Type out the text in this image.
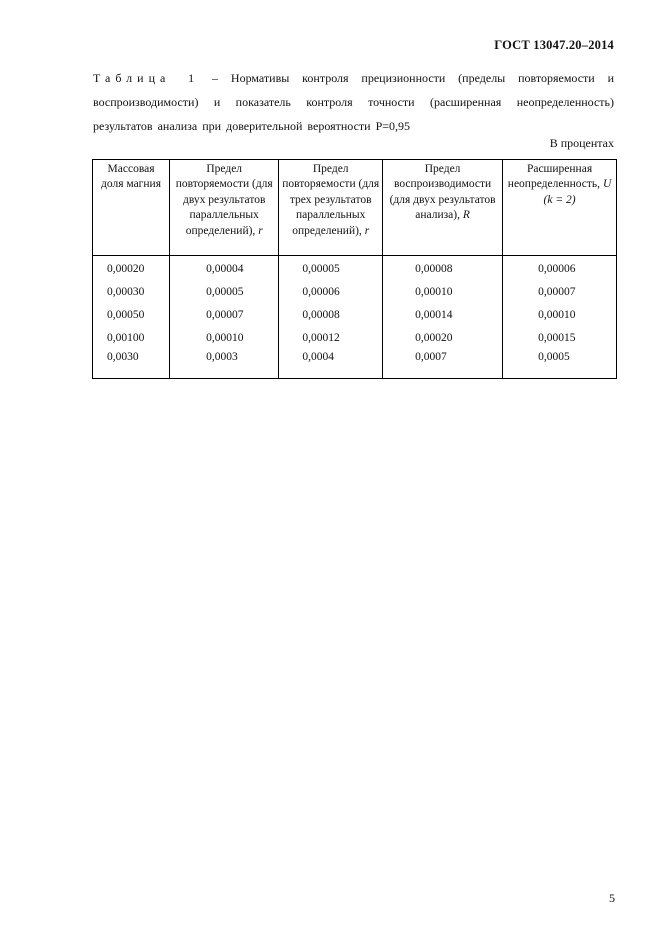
ГОСТ 13047.20–2014
Таблица 1 – Нормативы контроля прецизионности (пределы повторяемости и воспроизводимости) и показатель контроля точности (расширенная неопределенность) результатов анализа при доверительной вероятности Р=0,95
В процентах
Массовая доля магния	Предел повторяемости (для двух результатов параллельных определений), r	Предел повторяемости (для трех результатов параллельных определений), r	Предел воспроизводимости (для двух результатов анализа), R	Расширенная неопределенность, U (k = 2)

0,00020	0,00004	0,00005	0,00008	0,00006
0,00030	0,00005	0,00006	0,00010	0,00007
0,00050	0,00007	0,00008	0,00014	0,00010
0,00100	0,00010	0,00012	0,00020	0,00015
0,0030	0,0003	0,0004	0,0007	0,0005
5
